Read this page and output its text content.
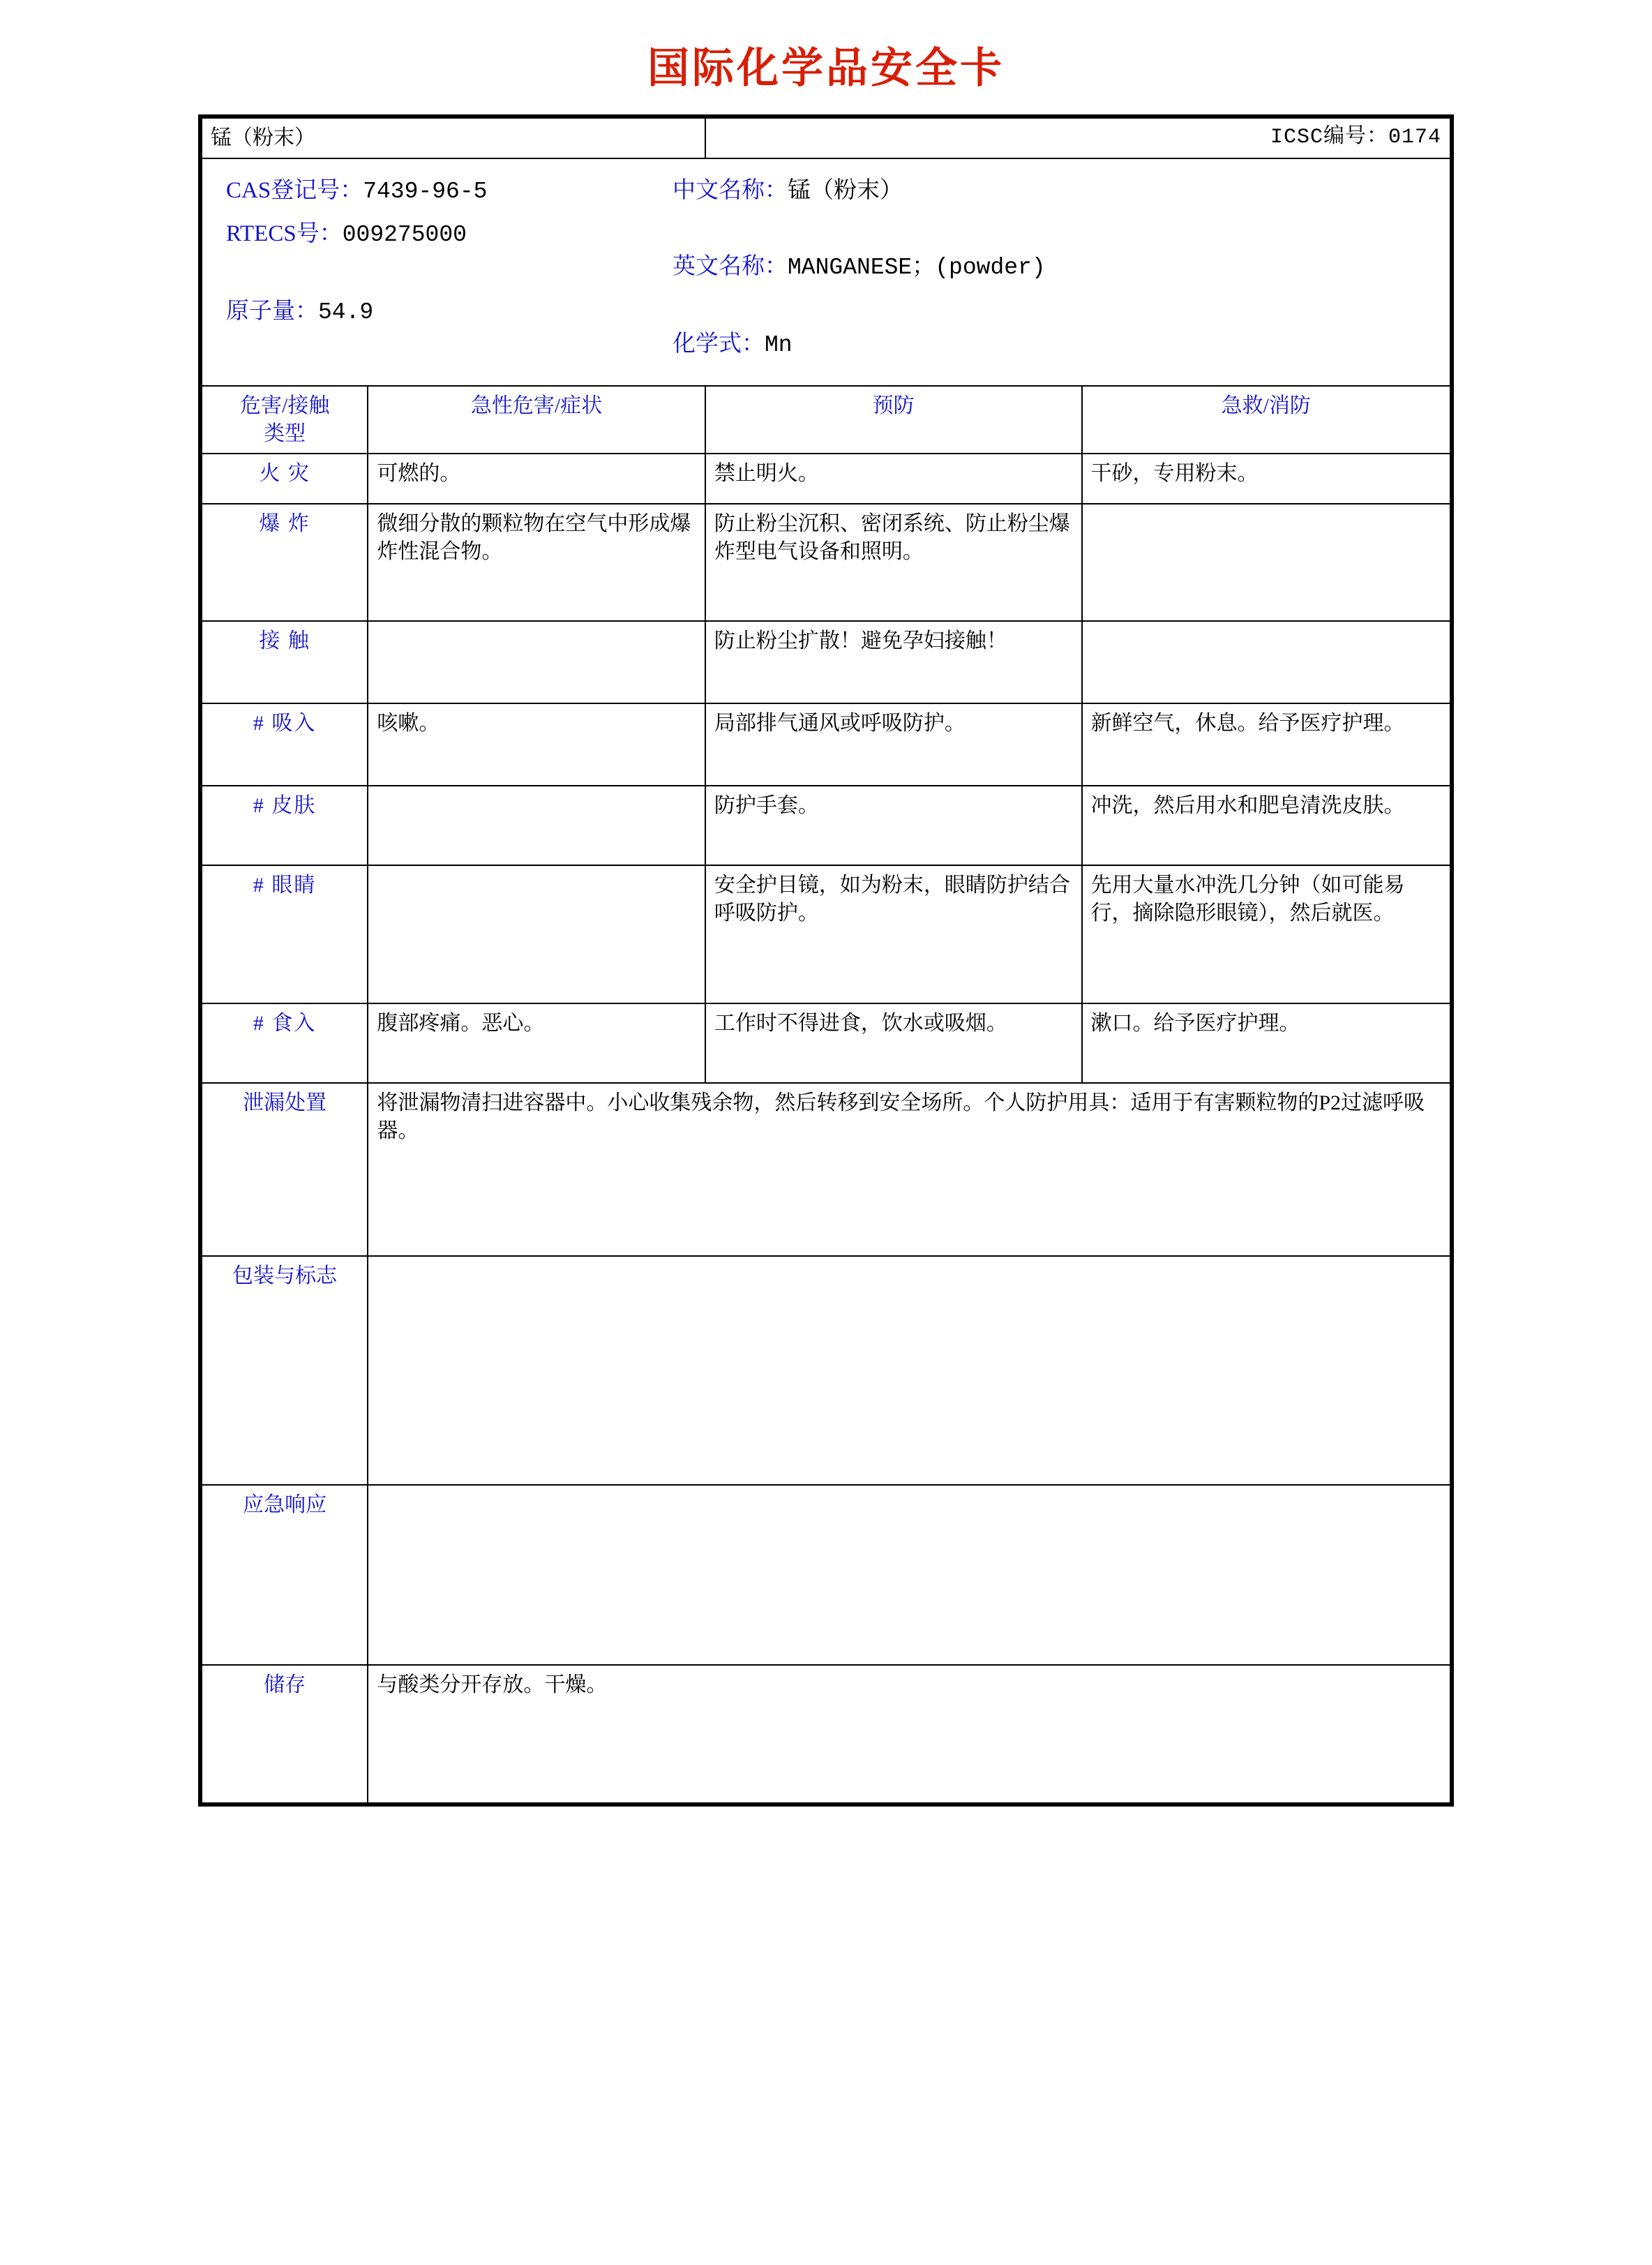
国际化学品安全卡
锰（粉末）		ICSC编号：0174	

CAS登记号：7439-96-5
RTECS号：009275000
原子量：54.9
中文名称：锰（粉末）
英文名称：MANGANESE；(powder)
化学式：Mn

危害/接触
类型	急性危害/症状	预防	急救/消防
火 灾	可燃的。	禁止明火。	干砂，专用粉末。
爆 炸	微细分散的颗粒物在空气中形成爆炸性混合物。	防止粉尘沉积、密闭系统、防止粉尘爆炸型电气设备和照明。	
接 触		防止粉尘扩散！避免孕妇接触！	
# 吸入	咳嗽。	局部排气通风或呼吸防护。	新鲜空气，休息。给予医疗护理。
# 皮肤		防护手套。	冲洗，然后用水和肥皂清洗皮肤。
# 眼睛		安全护目镜，如为粉末，眼睛防护结合呼吸防护。	先用大量水冲洗几分钟（如可能易行，摘除隐形眼镜），然后就医。
# 食入	腹部疼痛。恶心。	工作时不得进食，饮水或吸烟。	漱口。给予医疗护理。
泄漏处置	将泄漏物清扫进容器中。小心收集残余物，然后转移到安全场所。个人防护用具：适用于有害颗粒物的P2过滤呼吸器。		
包装与标志			
应急响应			
储存	与酸类分开存放。干燥。		
